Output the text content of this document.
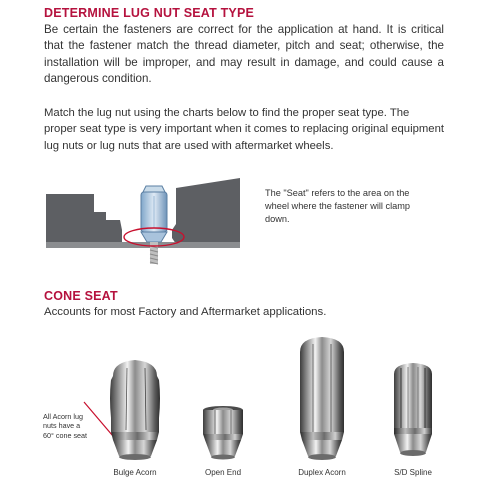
DETERMINE LUG NUT SEAT TYPE
Be certain the fasteners are correct for the application at hand. It is critical that the fastener match the thread diameter, pitch and seat; otherwise, the installation will be improper, and may result in damage, and could cause a dangerous condition.
Match the lug nut using the charts below to find the proper seat type. The proper seat type is very important when it comes to replacing original equipment lug nuts or lug nuts that are used with aftermarket wheels.
The "Seat" refers to the area on the wheel where the fastener will clamp down.
CONE SEAT
Accounts for most Factory and Aftermarket applications.
All Acorn lug nuts have a 60° cone seat
Bulge Acorn	Open End	Duplex Acorn	S/D Spline
